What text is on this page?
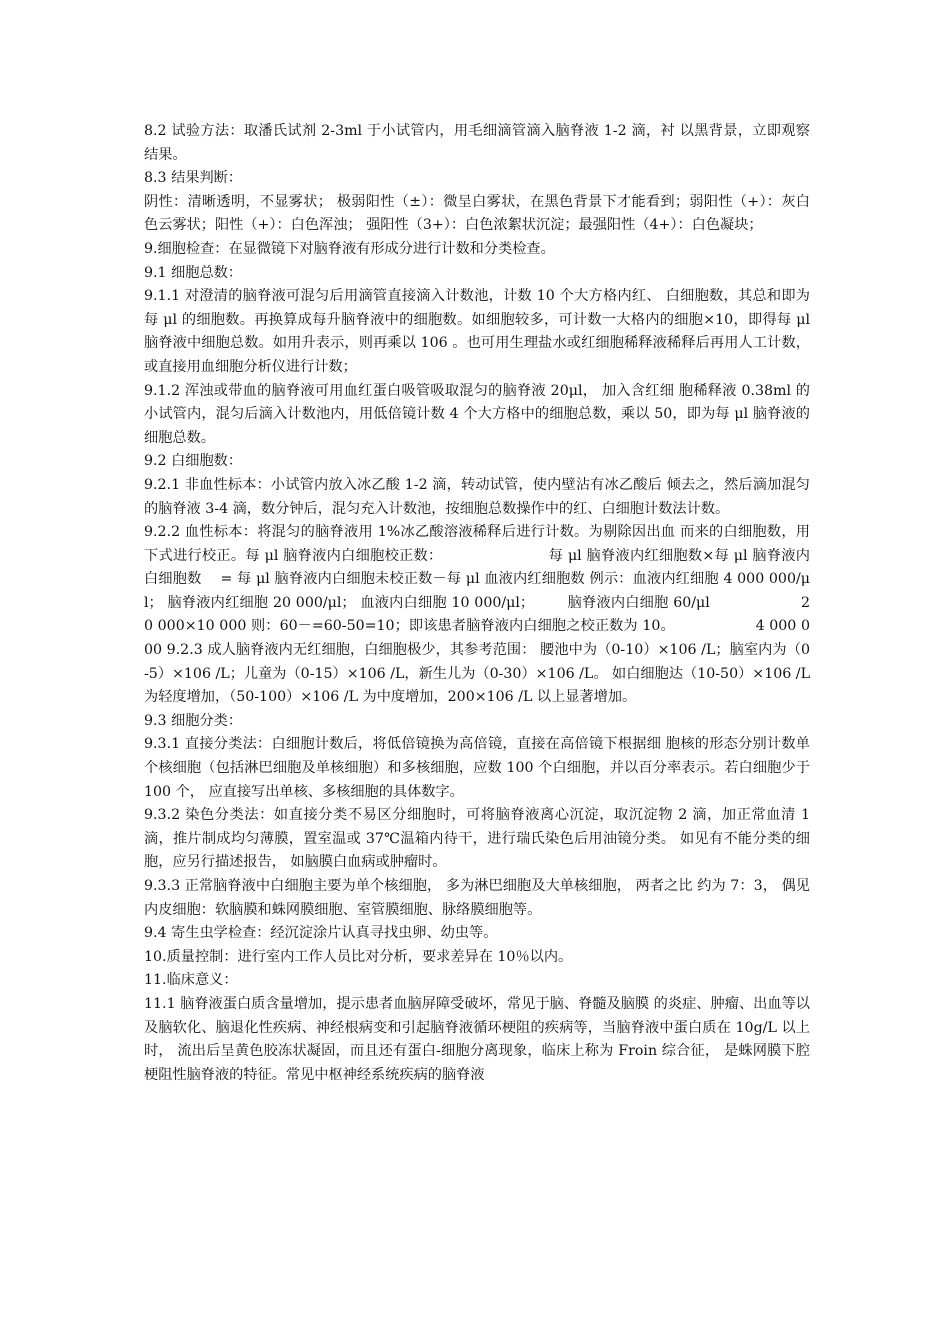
8.2 试验方法：取潘氏试剂 2-3ml 于小试管内，用毛细滴管滴入脑脊液 1-2 滴，衬 以黑背景，立即观察结果。

8.3 结果判断：

阴性：清晰透明，不显雾状； 极弱阳性（±）：微呈白雾状，在黑色背景下才能看到；弱阳性（+）：灰白色云雾状；阳性（+）：白色浑浊； 强阳性（3+）：白色浓絮状沉淀；最强阳性（4+）：白色凝块；

9.细胞检查：在显微镜下对脑脊液有形成分进行计数和分类检查。

9.1 细胞总数：

9.1.1 对澄清的脑脊液可混匀后用滴管直接滴入计数池，计数 10 个大方格内红、 白细胞数，其总和即为每 μl 的细胞数。再换算成每升脑脊液中的细胞数。如细胞较多，可计数一大格内的细胞×10，即得每 μl 脑脊液中细胞总数。如用升表示，则再乘以 106 。也可用生理盐水或红细胞稀释液稀释后再用人工计数，或直接用血细胞分析仪进行计数；

9.1.2 浑浊或带血的脑脊液可用血红蛋白吸管吸取混匀的脑脊液 20μl， 加入含红细 胞稀释液 0.38ml 的小试管内，混匀后滴入计数池内，用低倍镜计数 4 个大方格中的细胞总数，乘以 50，即为每 μl 脑脊液的细胞总数。

9.2 白细胞数：

9.2.1 非血性标本：小试管内放入冰乙酸 1-2 滴，转动试管，使内壁沾有冰乙酸后 倾去之，然后滴加混匀的脑脊液 3-4 滴，数分钟后，混匀充入计数池，按细胞总数操作中的红、白细胞计数法计数。

9.2.2 血性标本：将混匀的脑脊液用 1%冰乙酸溶液稀释后进行计数。为剔除因出血 而来的白细胞数，用下式进行校正。每 μl 脑脊液内白细胞校正数： 　　　　　　　每 μl 脑脊液内红细胞数×每 μl 脑脊液内白细胞数 　= 每 μl 脑脊液内白细胞未校正数－每 μl 血液内红细胞数 例示：血液内红细胞 4 000 000/μl； 脑脊液内红细胞 20 000/μl； 血液内白细胞 10 000/μl； 　　脑脊液内白细胞 60/μl 　　　　　　20 000×10 000 则：60－=60-50=10；即该患者脑脊液内白细胞之校正数为 10。 　　　　　 4 000 000 9.2.3 成人脑脊液内无红细胞，白细胞极少，其参考范围： 腰池中为（0-10）×106 /L；脑室内为（0-5）×106 /L；儿童为（0-15）×106 /L，新生儿为（0-30）×106 /L。 如白细胞达（10-50）×106 /L 为轻度增加，（50-100）×106 /L 为中度增加，200×106 /L 以上显著增加。

9.3 细胞分类：

9.3.1 直接分类法：白细胞计数后，将低倍镜换为高倍镜，直接在高倍镜下根据细 胞核的形态分别计数单个核细胞（包括淋巴细胞及单核细胞）和多核细胞，应数 100 个白细胞，并以百分率表示。若白细胞少于 100 个， 应直接写出单核、多核细胞的具体数字。

9.3.2 染色分类法：如直接分类不易区分细胞时，可将脑脊液离心沉淀，取沉淀物 2 滴，加正常血清 1 滴，推片制成均匀薄膜，置室温或 37℃温箱内待干，进行瑞氏染色后用油镜分类。 如见有不能分类的细胞，应另行描述报告， 如脑膜白血病或肿瘤时。

9.3.3 正常脑脊液中白细胞主要为单个核细胞， 多为淋巴细胞及大单核细胞， 两者之比 约为 7：3， 偶见内皮细胞：软脑膜和蛛网膜细胞、室管膜细胞、脉络膜细胞等。

9.4 寄生虫学检查：经沉淀涂片认真寻找虫卵、幼虫等。

10.质量控制：进行室内工作人员比对分析，要求差异在 10％以内。

11.临床意义：

11.1 脑脊液蛋白质含量增加，提示患者血脑屏障受破坏，常见于脑、脊髓及脑膜 的炎症、肿瘤、出血等以及脑软化、脑退化性疾病、神经根病变和引起脑脊液循环梗阻的疾病等，当脑脊液中蛋白质在 10g/L 以上时， 流出后呈黄色胶冻状凝固，而且还有蛋白-细胞分离现象，临床上称为 Froin 综合征， 是蛛网膜下腔梗阻性脑脊液的特征。常见中枢神经系统疾病的脑脊液
